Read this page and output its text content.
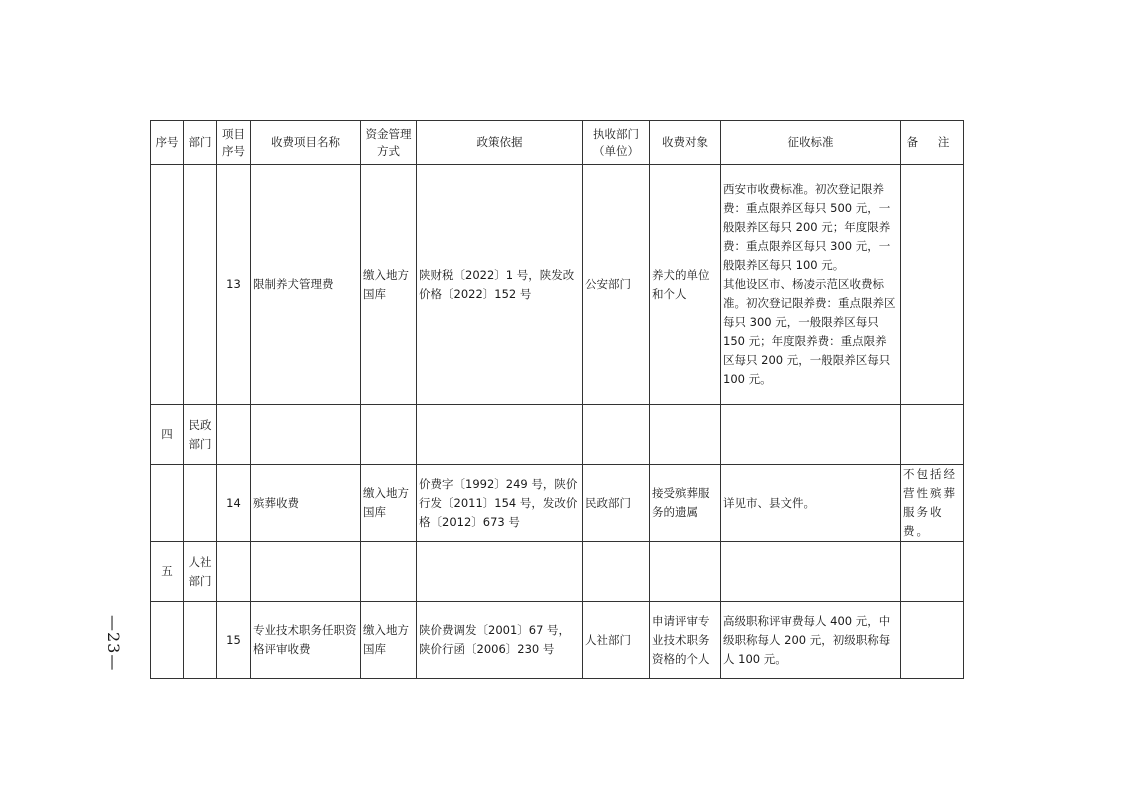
—23—
序号	部门	项目序号	收费项目名称	资金管理方式	政策依据	执收部门（单位）	收费对象	征收标准	备 注
		13	限制养犬管理费	缴入地方国库	陕财税〔2022〕1 号，陕发改价格〔2022〕152 号	公安部门	养犬的单位和个人	西安市收费标准。初次登记限养费：重点限养区每只 500 元，一般限养区每只 200 元；年度限养费：重点限养区每只 300 元，一般限养区每只 100 元。
其他设区市、杨凌示范区收费标准。初次登记限养费：重点限养区每只 300 元，一般限养区每只 150 元；年度限养费：重点限养区每只 200 元，一般限养区每只 100 元。	
四	民政部门								
		14	殡葬收费	缴入地方国库	价费字〔1992〕249 号，陕价行发〔2011〕154 号，发改价格〔2012〕673 号	民政部门	接受殡葬服务的遗属	详见市、县文件。	不包括经营性殡葬服务收费。
五	人社部门								
		15	专业技术职务任职资格评审收费	缴入地方国库	陕价费调发〔2001〕67 号，陕价行函〔2006〕230 号	人社部门	申请评审专业技术职务资格的个人	高级职称评审费每人 400 元，中级职称每人 200 元，初级职称每人 100 元。	
